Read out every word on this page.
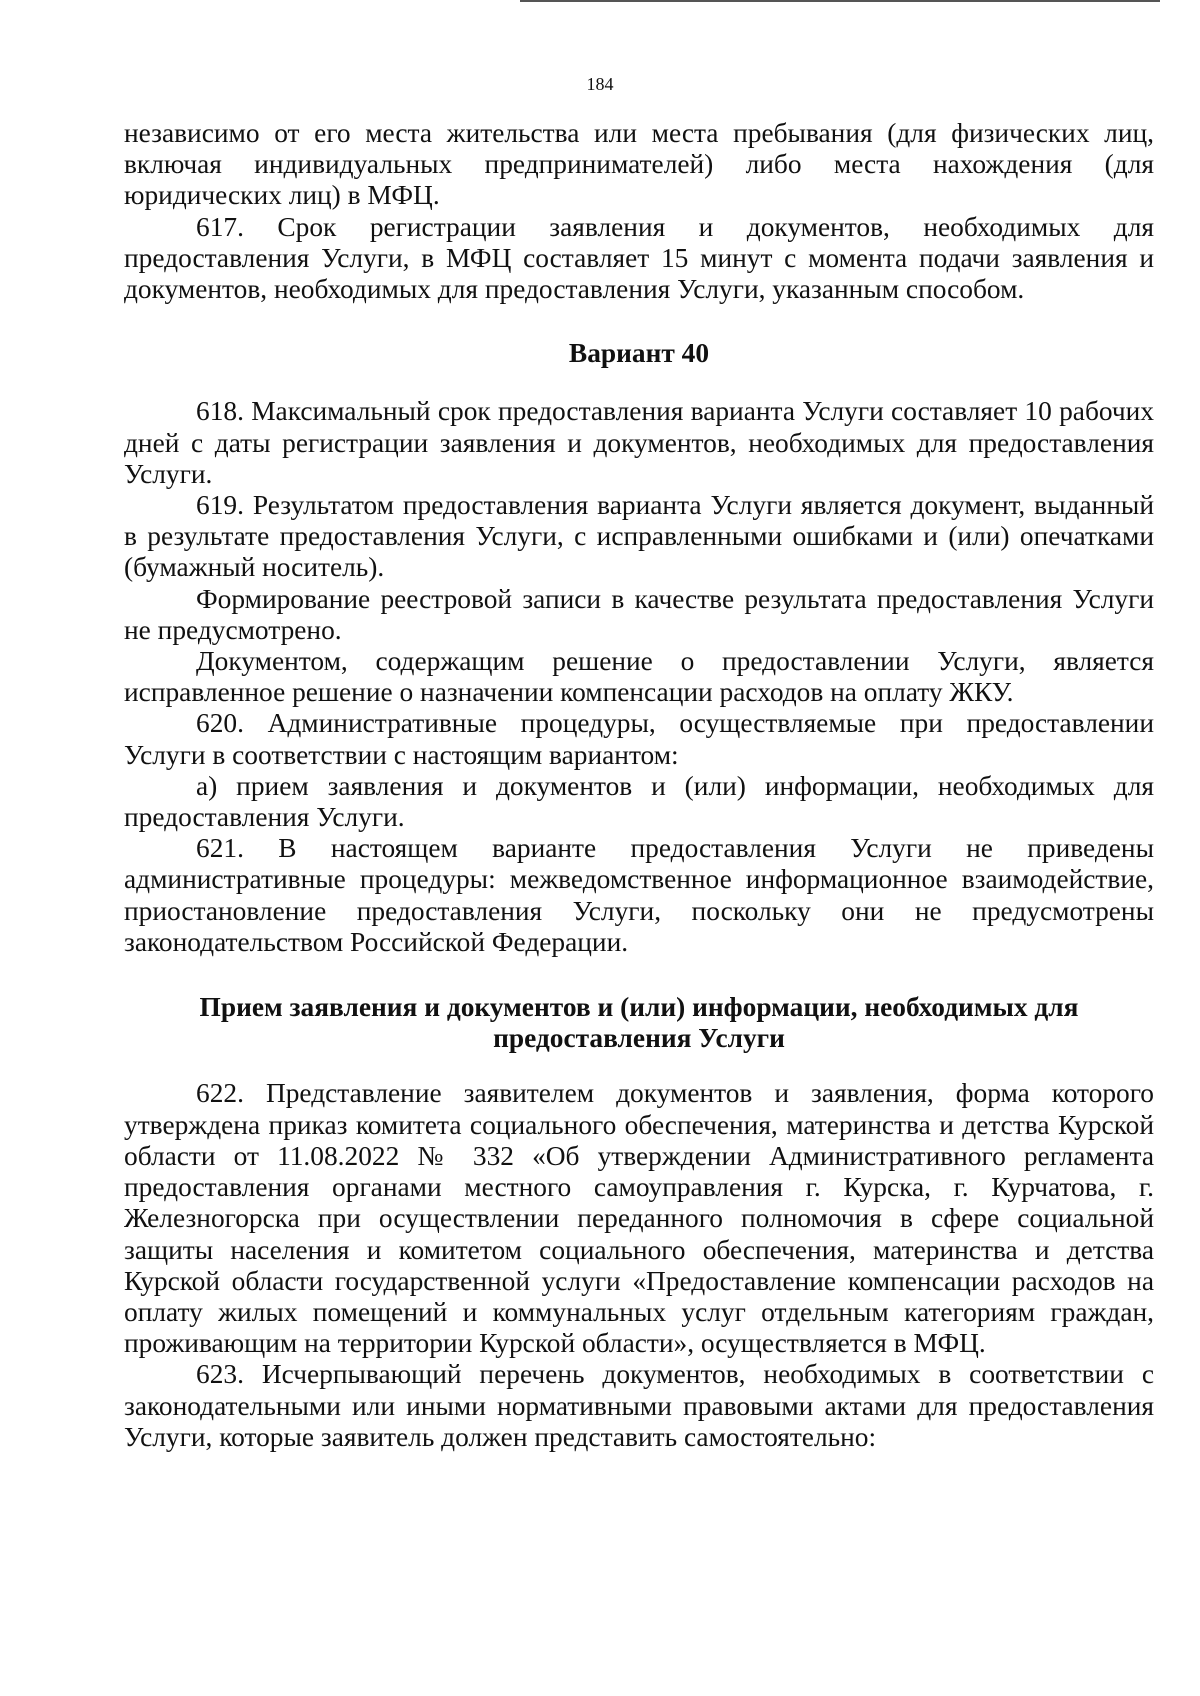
184

независимо от его места жительства или места пребывания (для физических лиц, включая индивидуальных предпринимателей) либо места нахождения (для юридических лиц) в МФЦ.

617. Срок регистрации заявления и документов, необходимых для предоставления Услуги, в МФЦ составляет 15 минут с момента подачи заявления и документов, необходимых для предоставления Услуги, указанным способом.

Вариант 40

618. Максимальный срок предоставления варианта Услуги составляет 10 рабочих дней с даты регистрации заявления и документов, необходимых для предоставления Услуги.

619. Результатом предоставления варианта Услуги является документ, выданный в результате предоставления Услуги, с исправленными ошибками и (или) опечатками (бумажный носитель).

Формирование реестровой записи в качестве результата предоставления Услуги не предусмотрено.

Документом, содержащим решение о предоставлении Услуги, является исправленное решение о назначении компенсации расходов на оплату ЖКУ.

620. Административные процедуры, осуществляемые при предоставлении Услуги в соответствии с настоящим вариантом:

а) прием заявления и документов и (или) информации, необходимых для предоставления Услуги.

621. В настоящем варианте предоставления Услуги не приведены административные процедуры: межведомственное информационное взаимодействие, приостановление предоставления Услуги, поскольку они не предусмотрены законодательством Российской Федерации.

Прием заявления и документов и (или) информации, необходимых для предоставления Услуги

622. Представление заявителем документов и заявления, форма которого утверждена приказ комитета социального обеспечения, материнства и детства Курской области от 11.08.2022 № 332 «Об утверждении Административного регламента предоставления органами местного самоуправления г. Курска, г. Курчатова, г. Железногорска при осуществлении переданного полномочия в сфере социальной защиты населения и комитетом социального обеспечения, материнства и детства Курской области государственной услуги «Предоставление компенсации расходов на оплату жилых помещений и коммунальных услуг отдельным категориям граждан, проживающим на территории Курской области», осуществляется в МФЦ.

623. Исчерпывающий перечень документов, необходимых в соответствии с законодательными или иными нормативными правовыми актами для предоставления Услуги, которые заявитель должен представить самостоятельно:
